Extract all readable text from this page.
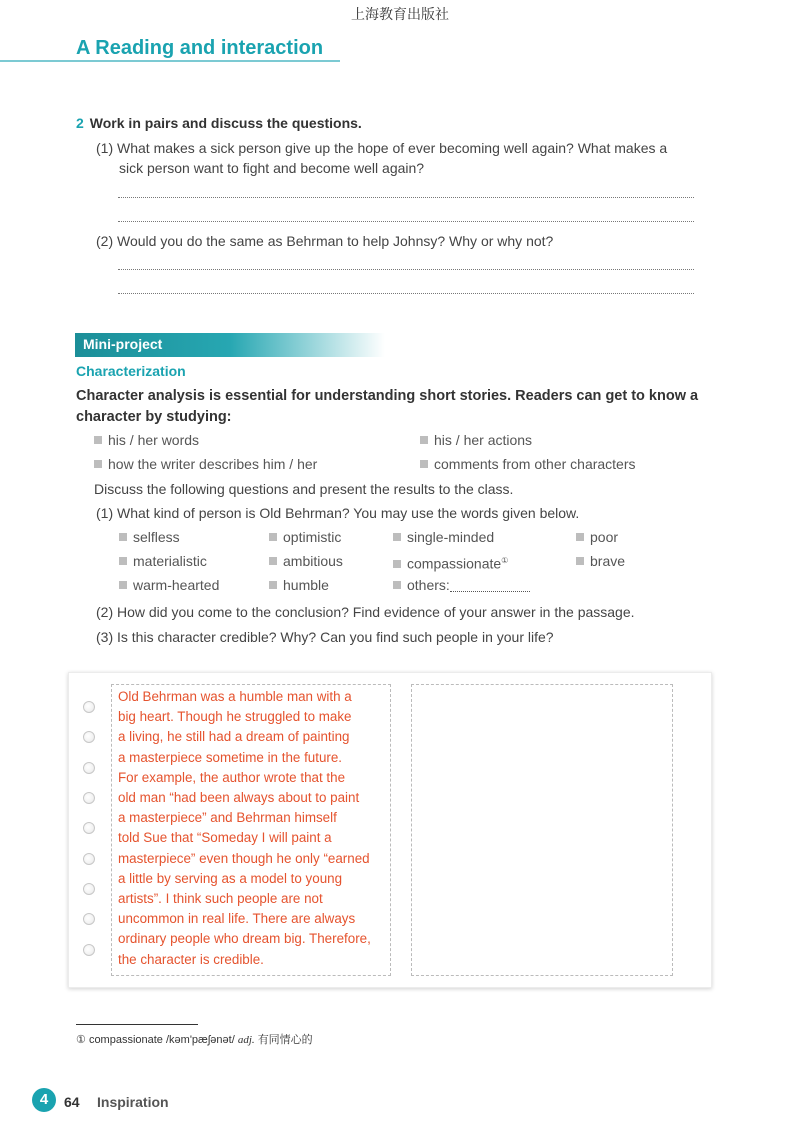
上海教育出版社
A Reading and interaction
2 Work in pairs and discuss the questions.
(1) What makes a sick person give up the hope of ever becoming well again? What makes a
sick person want to fight and become well again?
(2) Would you do the same as Behrman to help Johnsy? Why or why not?
Mini-project
Characterization
Character analysis is essential for understanding short stories. Readers can get to know a
character by studying:
his / her words	his / her actions
how the writer describes him / her	comments from other characters
Discuss the following questions and present the results to the class.
(1) What kind of person is Old Behrman? You may use the words given below.
selfless	optimistic	single-minded	poor
materialistic	ambitious	compassionate①	brave
warm-hearted	humble	others:
(2) How did you come to the conclusion? Find evidence of your answer in the passage.
(3) Is this character credible? Why? Can you find such people in your life?

Old Behrman was a humble man with a
big heart. Though he struggled to make
a living, he still had a dream of painting
a masterpiece sometime in the future.
For example, the author wrote that the
old man “had been always about to paint
a masterpiece” and Behrman himself
told Sue that “Someday I will paint a
masterpiece” even though he only “earned
a little by serving as a model to young
artists”. I think such people are not
uncommon in real life. There are always
ordinary people who dream big. Therefore,
the character is credible.

① compassionate /kəm'pæʃənət/ adj. 有同情心的
4	64 Inspiration
